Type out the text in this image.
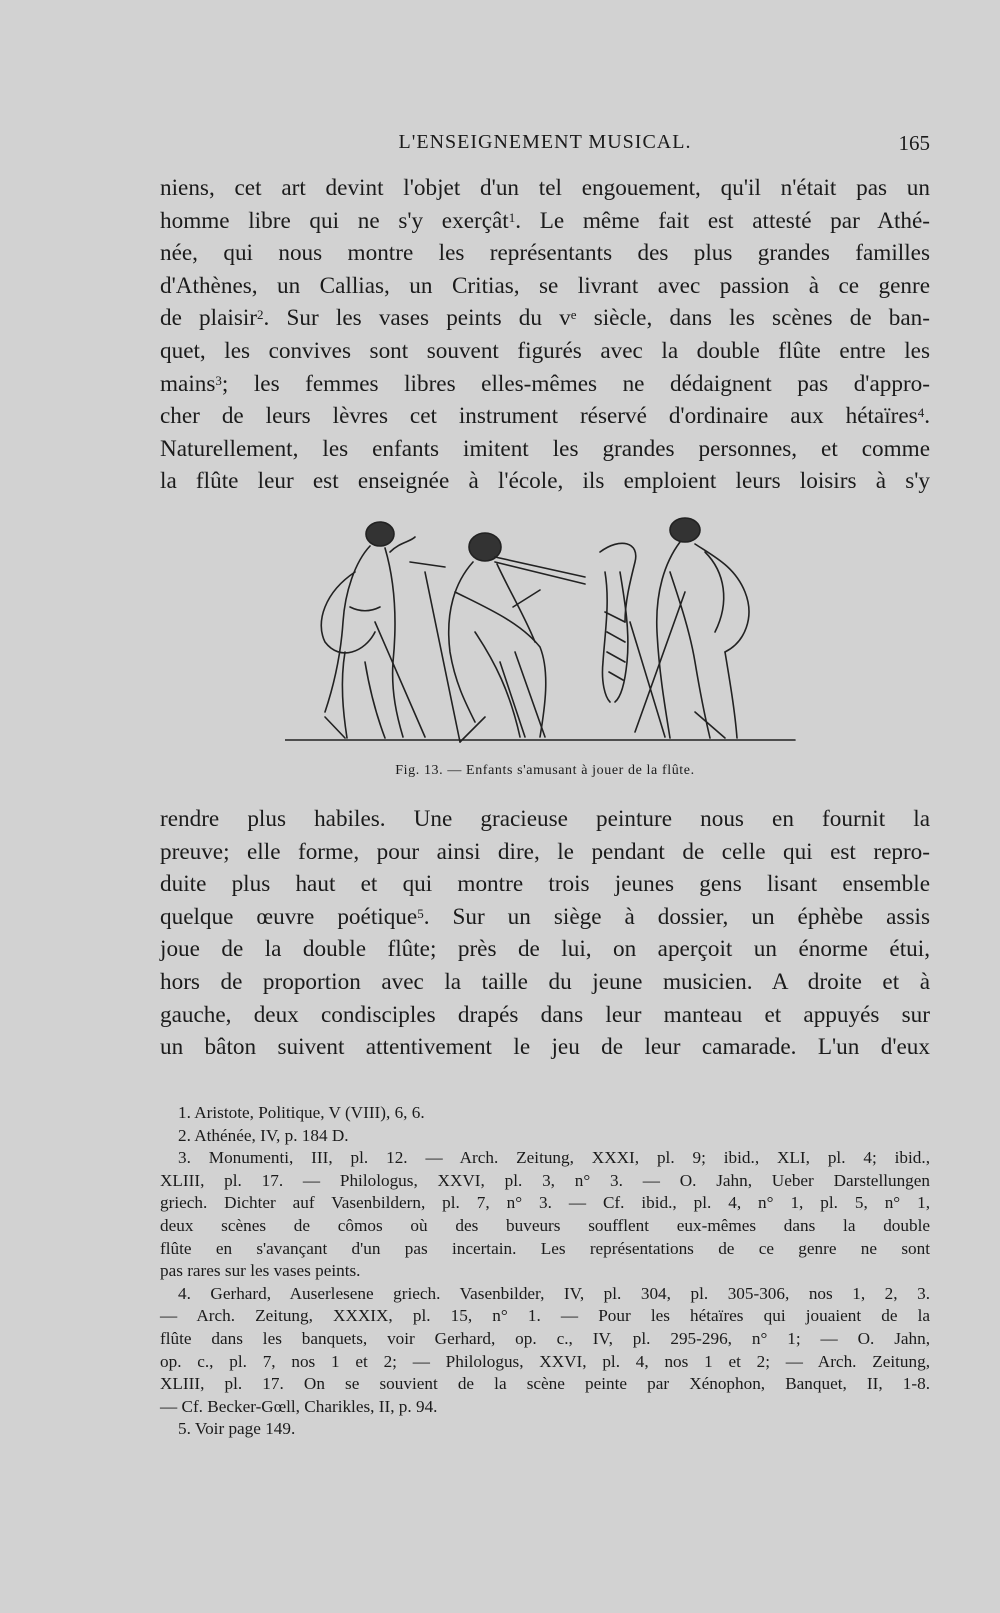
L'ENSEIGNEMENT MUSICAL.	165
niens, cet art devint l'objet d'un tel engouement, qu'il n'était pas un
homme libre qui ne s'y exerçât$^1$. Le même fait est attesté par Athé-
née, qui nous montre les représentants des plus grandes familles
d'Athènes, un Callias, un Critias, se livrant avec passion à ce genre
de plaisir$^2$. Sur les vases peints du $v^e$ siècle, dans les scènes de ban-
quet, les convives sont souvent figurés avec la double flûte entre les
mains$^3$; les femmes libres elles-mêmes ne dédaignent pas d'appro-
cher de leurs lèvres cet instrument réservé d'ordinaire aux hétaïres$^4$.
Naturellement, les enfants imitent les grandes personnes, et comme
la flûte leur est enseignée à l'école, ils emploient leurs loisirs à s'y
Fig. 13. — Enfants s'amusant à jouer de la flûte.
rendre plus habiles. Une gracieuse peinture nous en fournit la
preuve; elle forme, pour ainsi dire, le pendant de celle qui est repro-
duite plus haut et qui montre trois jeunes gens lisant ensemble
quelque œuvre poétique$^5$. Sur un siège à dossier, un éphèbe assis
joue de la double flûte; près de lui, on aperçoit un énorme étui,
hors de proportion avec la taille du jeune musicien. A droite et à
gauche, deux condisciples drapés dans leur manteau et appuyés sur
un bâton suivent attentivement le jeu de leur camarade. L'un d'eux
1. Aristote, Politique, V (VIII), 6, 6.
2. Athénée, IV, p. 184 D.
3. Monumenti, III, pl. 12. — Arch. Zeitung, XXXI, pl. 9; ibid., XLI, pl. 4; ibid.,
XLIII, pl. 17. — Philologus, XXVI, pl. 3, n° 3. — O. Jahn, Ueber Darstellungen
griech. Dichter auf Vasenbildern, pl. 7, n° 3. — Cf. ibid., pl. 4, n° 1, pl. 5, n° 1,
deux scènes de cômos où des buveurs soufflent eux-mêmes dans la double
flûte en s'avançant d'un pas incertain. Les représentations de ce genre ne sont
pas rares sur les vases peints.
4. Gerhard, Auserlesene griech. Vasenbilder, IV, pl. 304, pl. 305-306, nos 1, 2, 3.
— Arch. Zeitung, XXXIX, pl. 15, n° 1. — Pour les hétaïres qui jouaient de la
flûte dans les banquets, voir Gerhard, op. c., IV, pl. 295-296, n° 1; — O. Jahn,
op. c., pl. 7, nos 1 et 2; — Philologus, XXVI, pl. 4, nos 1 et 2; — Arch. Zeitung,
XLIII, pl. 17. On se souvient de la scène peinte par Xénophon, Banquet, II, 1-8.
— Cf. Becker-Gœll, Charikles, II, p. 94.
5. Voir page 149.
